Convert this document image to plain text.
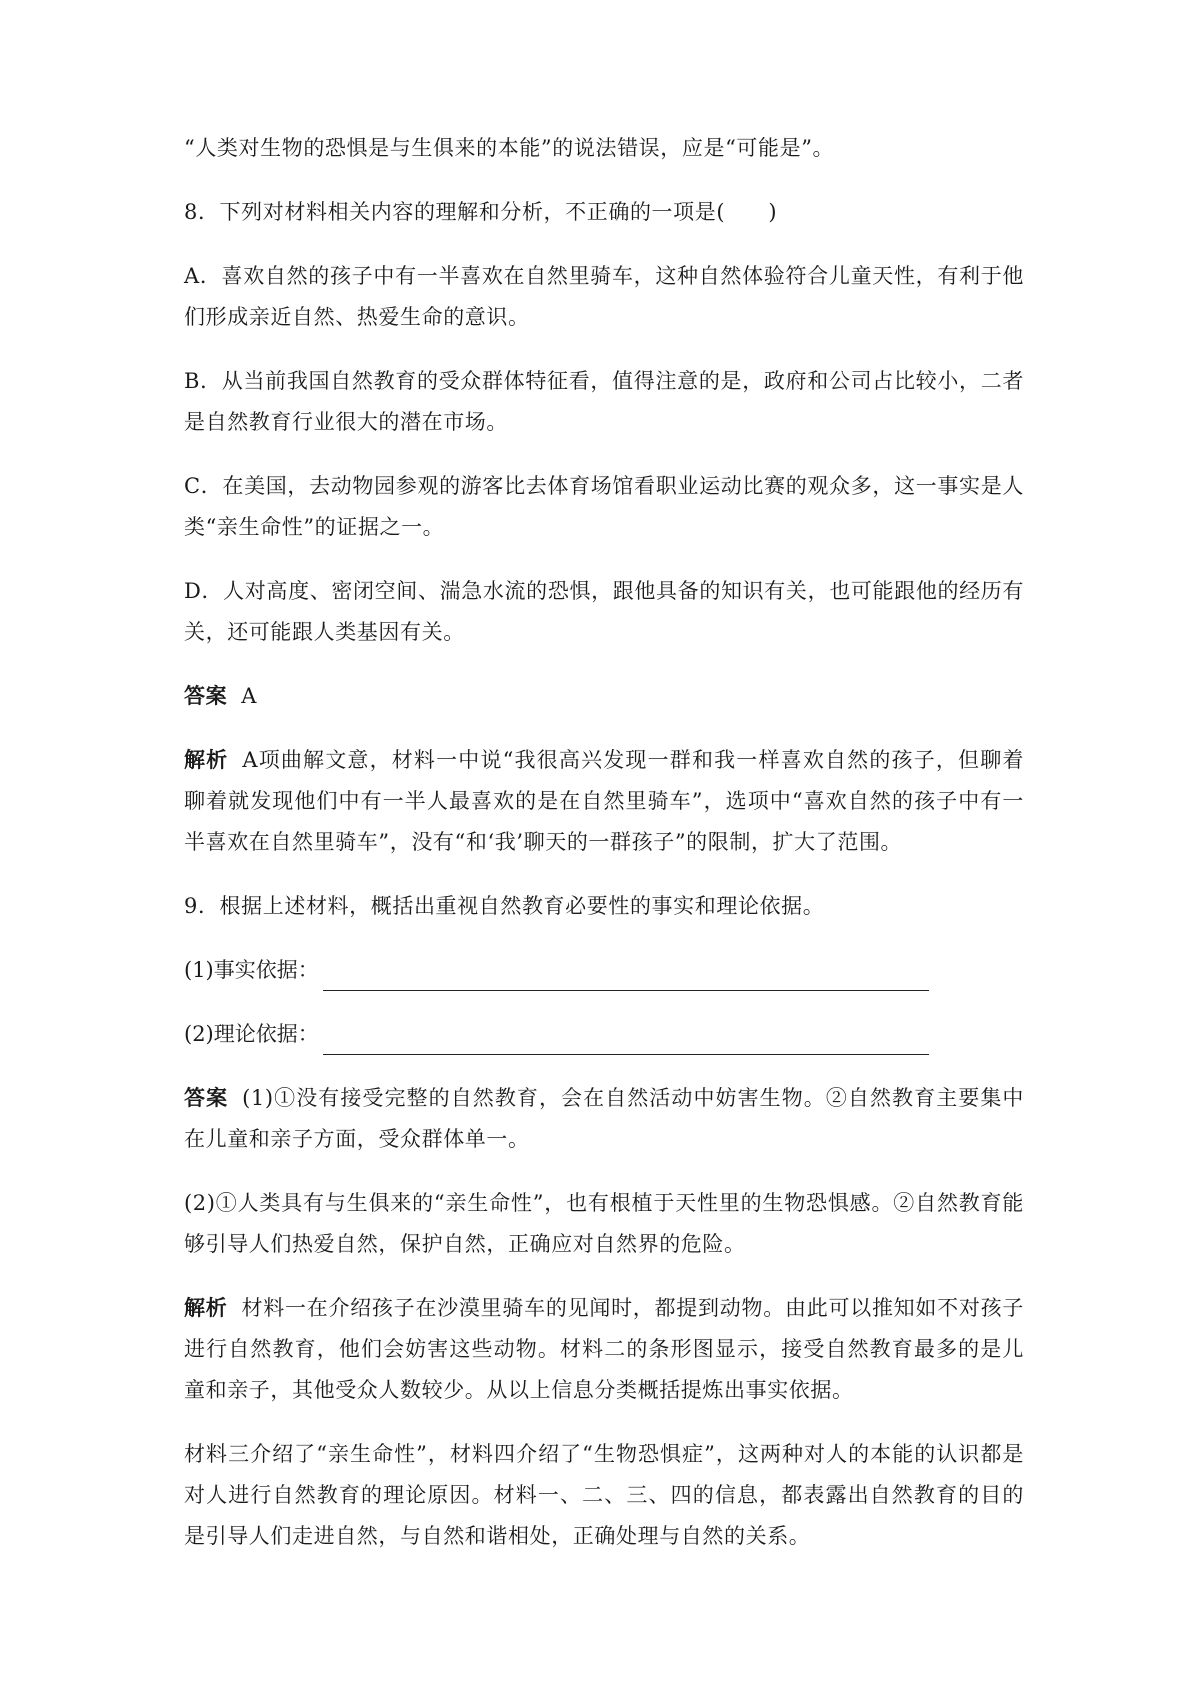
“人类对生物的恐惧是与生俱来的本能”的说法错误，应是“可能是”。

8．下列对材料相关内容的理解和分析，不正确的一项是(　　)

A．喜欢自然的孩子中有一半喜欢在自然里骑车，这种自然体验符合儿童天性，有利于他们形成亲近自然、热爱生命的意识。

B．从当前我国自然教育的受众群体特征看，值得注意的是，政府和公司占比较小，二者是自然教育行业很大的潜在市场。

C．在美国，去动物园参观的游客比去体育场馆看职业运动比赛的观众多，这一事实是人类“亲生命性”的证据之一。

D．人对高度、密闭空间、湍急水流的恐惧，跟他具备的知识有关，也可能跟他的经历有关，还可能跟人类基因有关。

答案 A

解析 A项曲解文意，材料一中说“我很高兴发现一群和我一样喜欢自然的孩子，但聊着聊着就发现他们中有一半人最喜欢的是在自然里骑车”，选项中“喜欢自然的孩子中有一半喜欢在自然里骑车”，没有“和‘我’聊天的一群孩子”的限制，扩大了范围。

9．根据上述材料，概括出重视自然教育必要性的事实和理论依据。

(1)事实依据：
(2)理论依据：

答案 (1)①没有接受完整的自然教育，会在自然活动中妨害生物。②自然教育主要集中在儿童和亲子方面，受众群体单一。

(2)①人类具有与生俱来的“亲生命性”，也有根植于天性里的生物恐惧感。②自然教育能够引导人们热爱自然，保护自然，正确应对自然界的危险。

解析 材料一在介绍孩子在沙漠里骑车的见闻时，都提到动物。由此可以推知如不对孩子进行自然教育，他们会妨害这些动物。材料二的条形图显示，接受自然教育最多的是儿童和亲子，其他受众人数较少。从以上信息分类概括提炼出事实依据。

材料三介绍了“亲生命性”，材料四介绍了“生物恐惧症”，这两种对人的本能的认识都是对人进行自然教育的理论原因。材料一、二、三、四的信息，都表露出自然教育的目的是引导人们走进自然，与自然和谐相处，正确处理与自然的关系。
